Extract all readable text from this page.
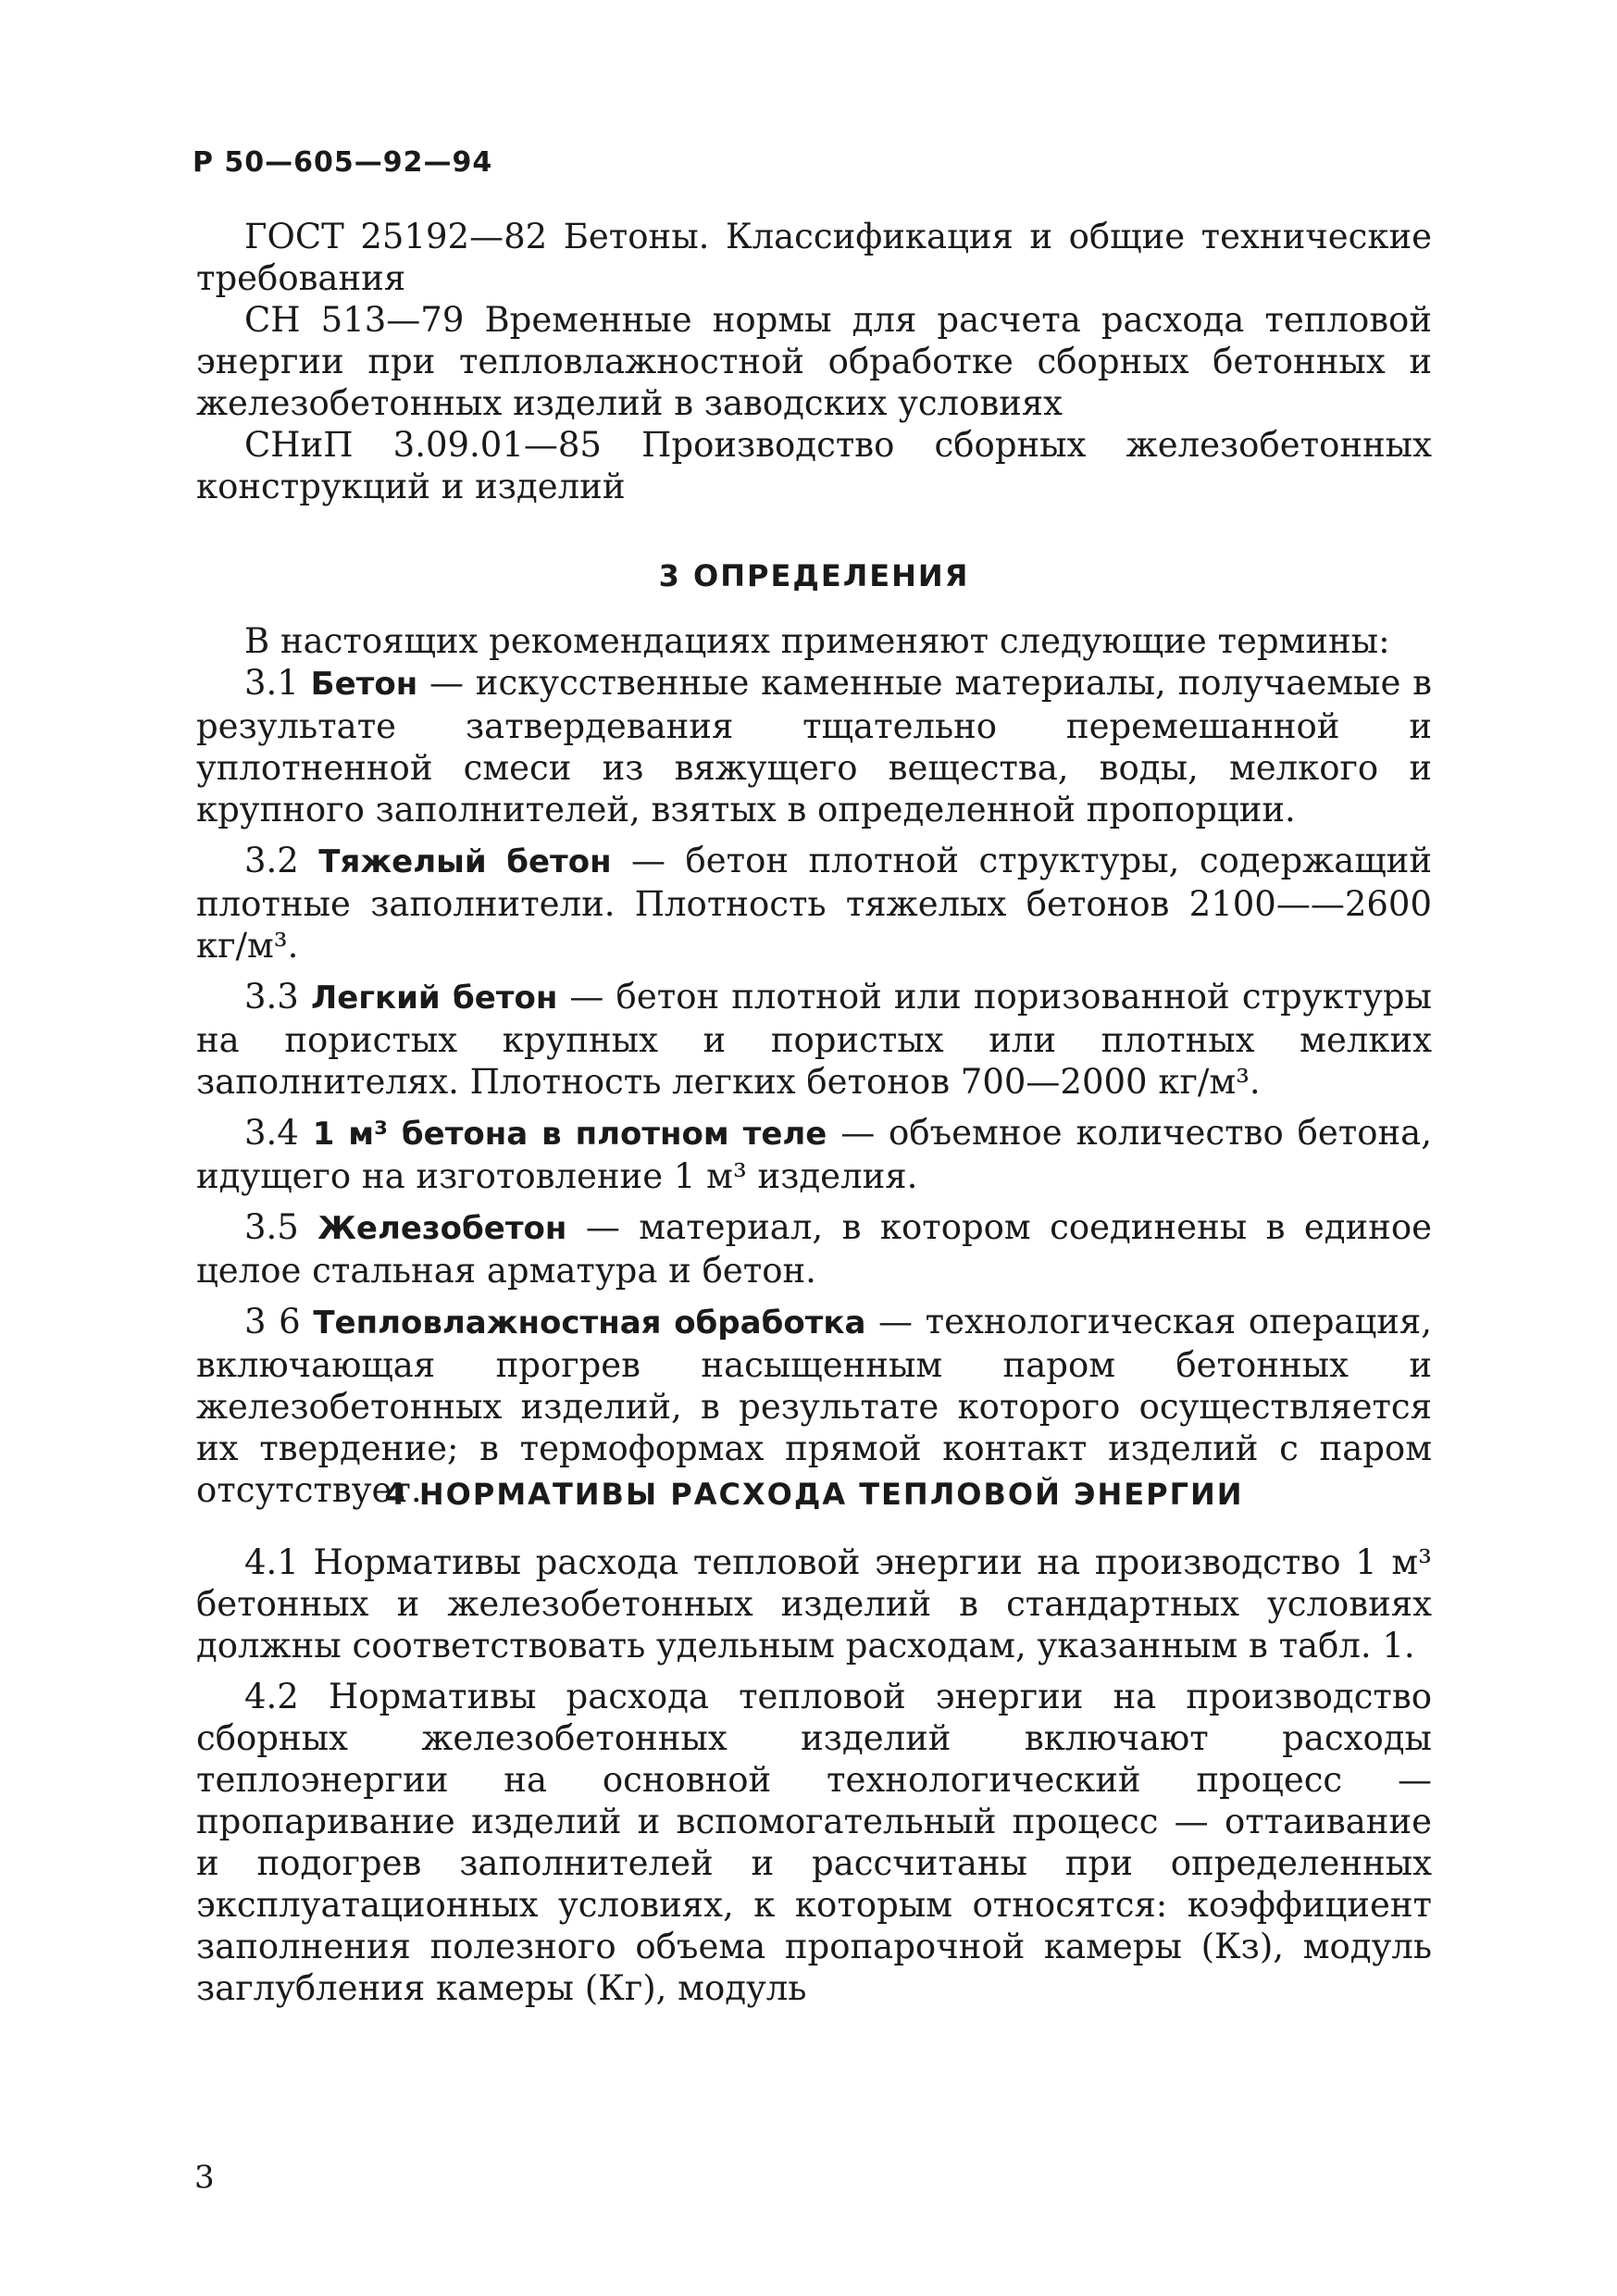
Р 50—605—92—94

ГОСТ 25192—82 Бетоны. Классификация и общие технические требования

СН 513—79 Временные нормы для расчета расхода тепловой энергии при тепловлажностной обработке сборных бетонных и железобетонных изделий в заводских условиях

СНиП 3.09.01—85 Производство сборных железобетонных конструкций и изделий

3 ОПРЕДЕЛЕНИЯ

В настоящих рекомендациях применяют следующие термины:

3.1 Бетон — искусственные каменные материалы, получаемые в результате затвердевания тщательно перемешанной и уплотненной смеси из вяжущего вещества, воды, мелкого и крупного заполнителей, взятых в определенной пропорции.

3.2 Тяжелый бетон — бетон плотной структуры, содержащий плотные заполнители. Плотность тяжелых бетонов 2100——2600 кг/м³.

3.3 Легкий бетон — бетон плотной или поризованной структуры на пористых крупных и пористых или плотных мелких заполнителях. Плотность легких бетонов 700—2000 кг/м³.

3.4 1 м³ бетона в плотном теле — объемное количество бетона, идущего на изготовление 1 м³ изделия.

3.5 Железобетон — материал, в котором соединены в единое целое стальная арматура и бетон.

3 6 Тепловлажностная обработка — технологическая операция, включающая прогрев насыщенным паром бетонных и железобетонных изделий, в результате которого осуществляется их твердение; в термоформах прямой контакт изделий с паром отсутствует.

4 НОРМАТИВЫ РАСХОДА ТЕПЛОВОЙ ЭНЕРГИИ

4.1 Нормативы расхода тепловой энергии на производство 1 м³ бетонных и железобетонных изделий в стандартных условиях должны соответствовать удельным расходам, указанным в табл. 1.

4.2 Нормативы расхода тепловой энергии на производство сборных железобетонных изделий включают расходы теплоэнергии на основной технологический процесс — пропаривание изделий и вспомогательный процесс — оттаивание и подогрев заполнителей и рассчитаны при определенных эксплуатационных условиях, к которым относятся: коэффициент заполнения полезного объема пропарочной камеры (Кз), модуль заглубления камеры (Кг), модуль

3
